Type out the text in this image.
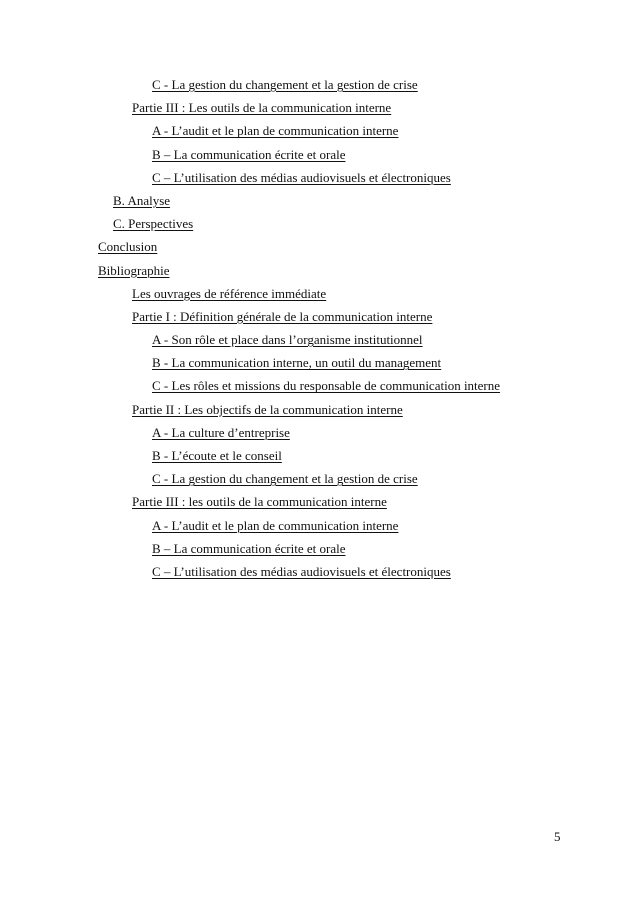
C - La gestion du changement et la gestion de crise
Partie III : Les outils de la communication interne
A - L’audit et le plan de communication interne
B – La communication écrite et orale
C – L’utilisation des médias audiovisuels et électroniques
B. Analyse
C. Perspectives
Conclusion
Bibliographie
Les ouvrages de référence immédiate
Partie I : Définition générale de la communication interne
A - Son rôle et place dans l’organisme institutionnel
B - La communication interne, un outil du management
C - Les rôles et missions du responsable de communication interne
Partie II : Les objectifs de la communication interne
A - La culture d’entreprise
B - L’écoute et le conseil
C - La gestion du changement et la gestion de crise
Partie III : les outils de la communication interne
A - L’audit et le plan de communication interne
B – La communication écrite et orale
C – L’utilisation des médias audiovisuels et électroniques
5
